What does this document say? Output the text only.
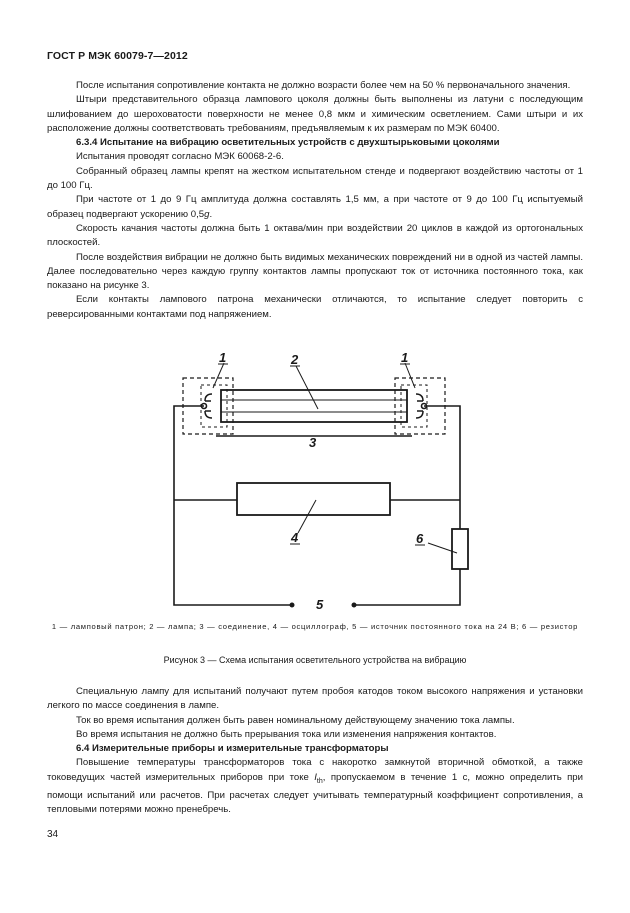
ГОСТ Р МЭК 60079-7—2012

После испытания сопротивление контакта не должно возрасти более чем на 50 % первоначального значения.

Штыри представительного образца лампового цоколя должны быть выполнены из латуни с последующим шлифованием до шероховатости поверхности не менее 0,8 мкм и химическим осветлением. Сами штыри и их расположение должны соответствовать требованиям, предъявляемым к их размерам по МЭК 60400.

6.3.4 Испытание на вибрацию осветительных устройств с двухштырьковыми цоколями

Испытания проводят согласно МЭК 60068-2-6.

Собранный образец лампы крепят на жестком испытательном стенде и подвергают воздействию частоты от 1 до 100 Гц.

При частоте от 1 до 9 Гц амплитуда должна составлять 1,5 мм, а при частоте от 9 до 100 Гц испытуемый образец подвергают ускорению 0,5g.

Скорость качания частоты должна быть 1 октава/мин при воздействии 20 циклов в каждой из ортогональных плоскостей.

После воздействия вибрации не должно быть видимых механических повреждений ни в одной из частей лампы. Далее последовательно через каждую группу контактов лампы пропускают ток от источника постоянного тока, как показано на рисунке 3.

Если контакты лампового патрона механически отличаются, то испытание следует повторить с реверсированными контактами под напряжением.

1	1
2
3
4
5
6
1 — ламповый патрон; 2 — лампа; 3 — соединение, 4 — осциллограф, 5 — источник постоянного тока на 24 В; 6 — резистор
Рисунок 3 — Схема испытания осветительного устройства на вибрацию

Специальную лампу для испытаний получают путем пробоя катодов током высокого напряжения и установки легкого по массе соединения в лампе.

Ток во время испытания должен быть равен номинальному действующему значению тока лампы.

Во время испытания не должно быть прерывания тока или изменения напряжения контактов.

6.4 Измерительные приборы и измерительные трансформаторы

Повышение температуры трансформаторов тока с накоротко замкнутой вторичной обмоткой, а также токоведущих частей измерительных приборов при токе $I_{th}$, пропускаемом в течение 1 с, можно определить при помощи испытаний или расчетов. При расчетах следует учитывать температурный коэффициент сопротивления, а тепловыми потерями можно пренебречь.

34
